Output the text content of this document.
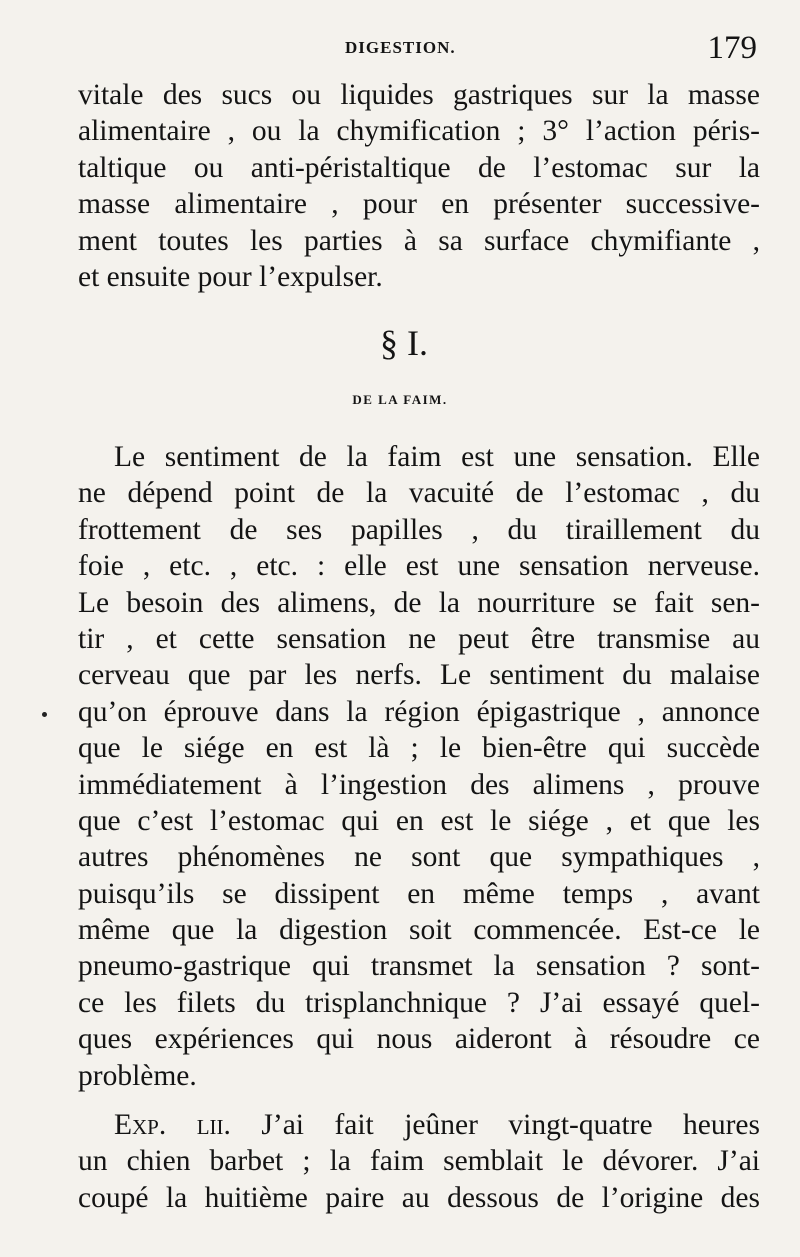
DIGESTION.	179
vitale des sucs ou liquides gastriques sur la masse
alimentaire , ou la chymification ; 3° l’action péris-
taltique ou anti-péristaltique de l’estomac sur la
masse alimentaire , pour en présenter successive-
ment toutes les parties à sa surface chymifiante ,
et ensuite pour l’expulser.
§ I.
DE LA FAIM.
Le sentiment de la faim est une sensation. Elle
ne dépend point de la vacuité de l’estomac , du
frottement de ses papilles , du tiraillement du
foie , etc. , etc. : elle est une sensation nerveuse.
Le besoin des alimens, de la nourriture se fait sen-
tir , et cette sensation ne peut être transmise au
cerveau que par les nerfs. Le sentiment du malaise
qu’on éprouve dans la région épigastrique , annonce
que le siége en est là ; le bien-être qui succède
immédiatement à l’ingestion des alimens , prouve
que c’est l’estomac qui en est le siége , et que les
autres phénomènes ne sont que sympathiques ,
puisqu’ils se dissipent en même temps , avant
même que la digestion soit commencée. Est-ce le
pneumo-gastrique qui transmet la sensation ? sont-
ce les filets du trisplanchnique ? J’ai essayé quel-
ques expériences qui nous aideront à résoudre ce
problème.
Exp. lii. J’ai fait jeûner vingt-quatre heures
un chien barbet ; la faim semblait le dévorer. J’ai
coupé la huitième paire au dessous de l’origine des
